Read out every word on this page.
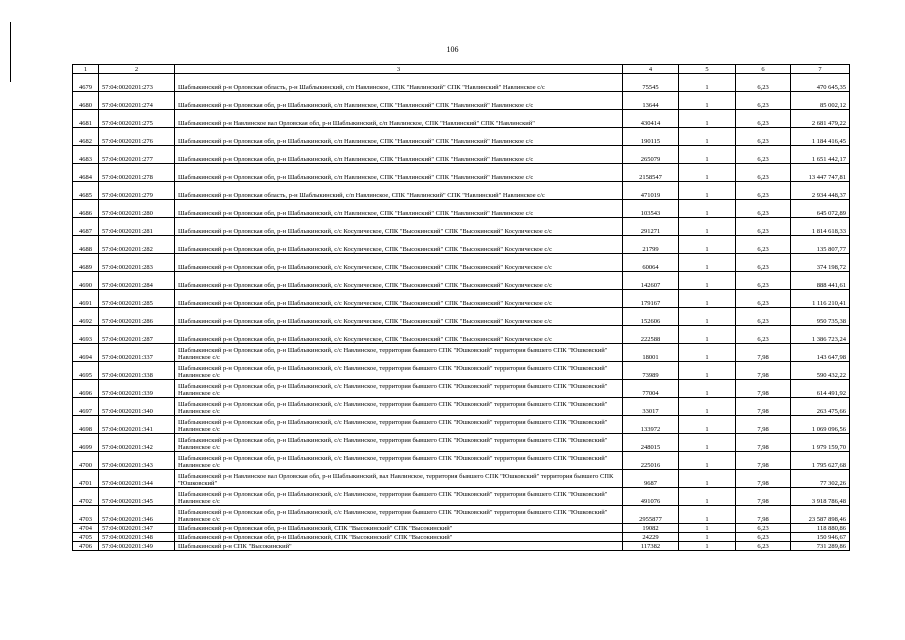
106
1	2	3	4	5	6	7
4679	57:04:0020201:273	Шаблыкинский р-н Орловская область, р-н Шаблыкинский, с/п Навлинское, СПК "Навлинский" СПК "Навлинский" Навлинское с/с	75545	1	6,23	470 645,35
4680	57:04:0020201:274	Шаблыкинский р-н Орловская обл, р-н Шаблыкинский, с/п Навлинское, СПК "Навлинский" СПК "Навлинский" Навлинское с/с	13644	1	6,23	85 002,12
4681	57:04:0020201:275	Шаблыкинский р-н Навлинское вал Орловская обл, р-н Шаблыкинский, с/п Навлинское, СПК "Навлинский" СПК "Навлинский"	430414	1	6,23	2 681 479,22
4682	57:04:0020201:276	Шаблыкинский р-н Орловская обл, р-н Шаблыкинский, с/п Навлинское, СПК "Навлинский" СПК "Навлинский" Навлинское с/с	190115	1	6,23	1 184 416,45
4683	57:04:0020201:277	Шаблыкинский р-н Орловская обл, р-н Шаблыкинский, с/п Навлинское, СПК "Навлинский" СПК "Навлинский" Навлинское с/с	265079	1	6,23	1 651 442,17
4684	57:04:0020201:278	Шаблыкинский р-н Орловская обл, р-н Шаблыкинский, с/п Навлинское, СПК "Навлинский" СПК "Навлинский" Навлинское с/с	2158547	1	6,23	13 447 747,81
4685	57:04:0020201:279	Шаблыкинский р-н Орловская область, р-н Шаблыкинский, с/п Навлинское, СПК "Навлинский" СПК "Навлинский" Навлинское с/с	471019	1	6,23	2 934 448,37
4686	57:04:0020201:280	Шаблыкинский р-н Орловская обл, р-н Шаблыкинский, с/п Навлинское, СПК "Навлинский" СПК "Навлинский" Навлинское с/с	103543	1	6,23	645 072,89
4687	57:04:0020201:281	Шаблыкинский р-н Орловская обл, р-н Шаблыкинский, с/с Косулическое, СПК "Высокинский" СПК "Высокинский" Косулическое с/с	291271	1	6,23	1 814 618,33
4688	57:04:0020201:282	Шаблыкинский р-н Орловская обл, р-н Шаблыкинский, с/с Косулическое, СПК "Высокинский" СПК "Высокинский" Косулическое с/с	21799	1	6,23	135 807,77
4689	57:04:0020201:283	Шаблыкинский р-н Орловская обл, р-н Шаблыкинский, с/с Косулическое, СПК "Высокинский" СПК "Высокинский" Косулическое с/с	60064	1	6,23	374 198,72
4690	57:04:0020201:284	Шаблыкинский р-н Орловская обл, р-н Шаблыкинский, с/с Косулическое, СПК "Высокинский" СПК "Высокинский" Косулическое с/с	142607	1	6,23	888 441,61
4691	57:04:0020201:285	Шаблыкинский р-н Орловская обл, р-н Шаблыкинский, с/с Косулическое, СПК "Высокинский" СПК "Высокинский" Косулическое с/с	179167	1	6,23	1 116 210,41
4692	57:04:0020201:286	Шаблыкинский р-н Орловская обл, р-н Шаблыкинский, с/с Косулическое, СПК "Высокинский" СПК "Высокинский" Косулическое с/с	152606	1	6,23	950 735,38
4693	57:04:0020201:287	Шаблыкинский р-н Орловская обл, р-н Шаблыкинский, с/с Косулическое, СПК "Высокинский" СПК "Высокинский" Косулическое с/с	222588	1	6,23	1 386 723,24
4694	57:04:0020201:337	Шаблыкинский р-н Орловская обл, р-н Шаблыкинский, с/с Навлинское, территория бывшего СПК "Юшковский" территория бывшего СПК "Юшковский" Навлинское с/с	18001	1	7,98	143 647,98
4695	57:04:0020201:338	Шаблыкинский р-н Орловская обл, р-н Шаблыкинский, с/с Навлинское, территория бывшего СПК "Юшковский" территория бывшего СПК "Юшковский" Навлинское с/с	73989	1	7,98	590 432,22
4696	57:04:0020201:339	Шаблыкинский р-н Орловская обл, р-н Шаблыкинский, с/с Навлинское, территория бывшего СПК "Юшковский" территория бывшего СПК "Юшковский" Навлинское с/с	77004	1	7,98	614 491,92
4697	57:04:0020201:340	Шаблыкинский р-н Орловская обл, р-н Шаблыкинский, с/с Навлинское, территория бывшего СПК "Юшковский" территория бывшего СПК "Юшковский" Навлинское с/с	33017	1	7,98	263 475,66
4698	57:04:0020201:341	Шаблыкинский р-н Орловская обл, р-н Шаблыкинский, с/с Навлинское, территория бывшего СПК "Юшковский" территория бывшего СПК "Юшковский" Навлинское с/с	133972	1	7,98	1 069 096,56
4699	57:04:0020201:342	Шаблыкинский р-н Орловская обл, р-н Шаблыкинский, с/с Навлинское, территория бывшего СПК "Юшковский" территория бывшего СПК "Юшковский" Навлинское с/с	248015	1	7,98	1 979 159,70
4700	57:04:0020201:343	Шаблыкинский р-н Орловская обл, р-н Шаблыкинский, с/с Навлинское, территория бывшего СПК "Юшковский" территория бывшего СПК "Юшковский" Навлинское с/с	225016	1	7,98	1 795 627,68
4701	57:04:0020201:344	Шаблыкинский р-н Навлинское вал Орловская обл, р-н Шаблыкинский, вал Навлинское, территория бывшего СПК "Юшковский" территория бывшего СПК "Юшковский"	9687	1	7,98	77 302,26
4702	57:04:0020201:345	Шаблыкинский р-н Орловская обл, р-н Шаблыкинский, с/с Навлинское, территория бывшего СПК "Юшковский" территория бывшего СПК "Юшковский" Навлинское с/с	491076	1	7,98	3 918 786,48
4703	57:04:0020201:346	Шаблыкинский р-н Орловская обл, р-н Шаблыкинский, с/с Навлинское, территория бывшего СПК "Юшковский" территория бывшего СПК "Юшковский" Навлинское с/с	2955877	1	7,98	23 587 898,46
4704	57:04:0020201:347	Шаблыкинский р-н Орловская обл, р-н Шаблыкинский, СПК "Высокинский" СПК "Высокинский"	19082	1	6,23	118 880,86
4705	57:04:0020201:348	Шаблыкинский р-н Орловская обл, р-н Шаблыкинский, СПК "Высокинский" СПК "Высокинский"	24229	1	6,23	150 946,67
4706	57:04:0020201:349	Шаблыкинский р-н СПК "Высокинский"	117382	1	6,23	731 289,86
